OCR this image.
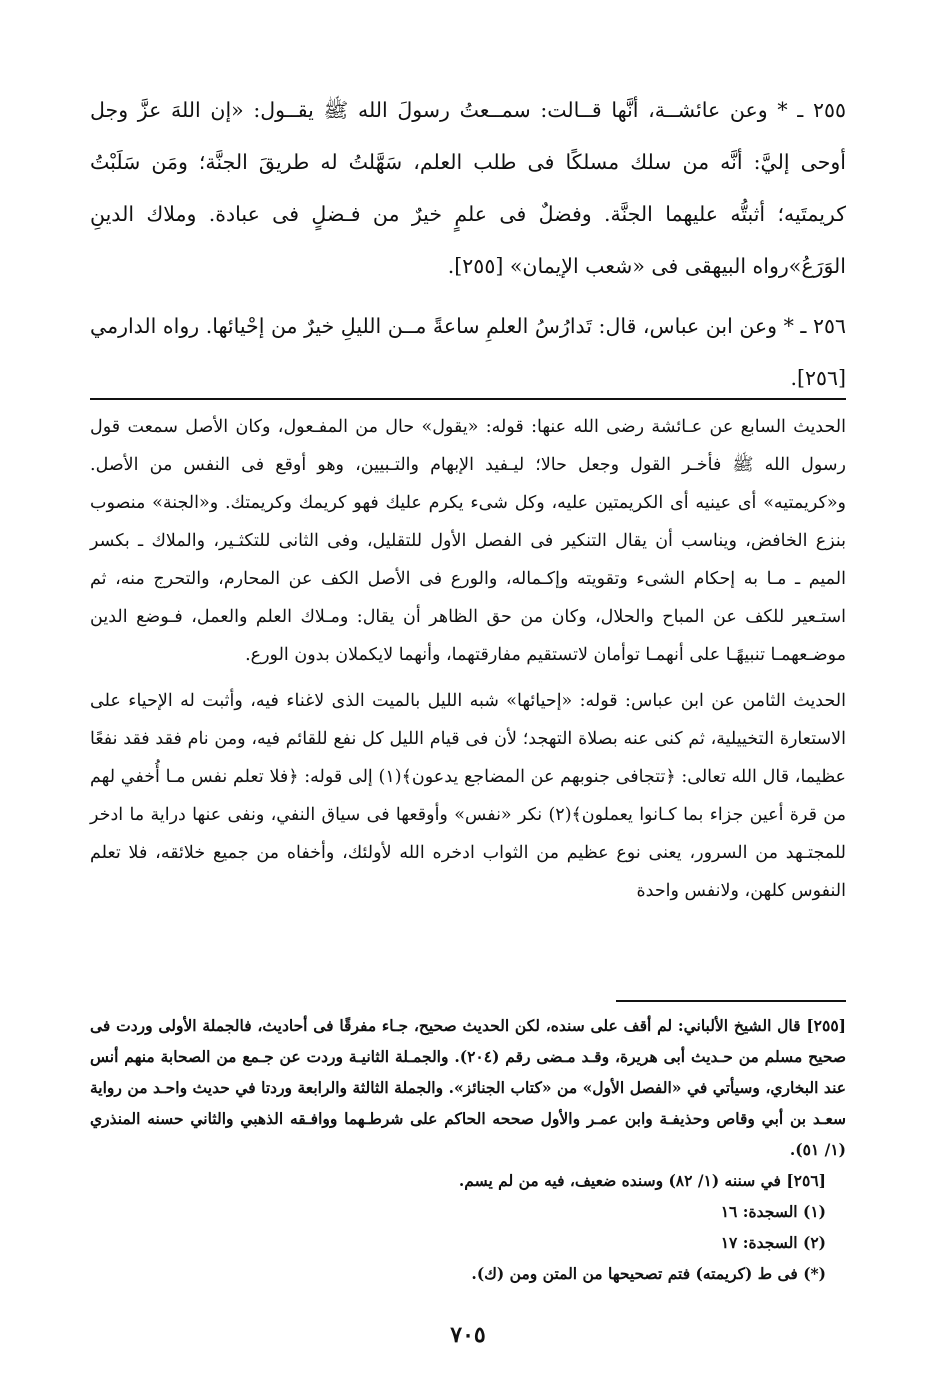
٢٥٥ ـ * وعن عائشــة، أنَّها قــالت: سمــعتُ رسولَ الله ﷺ يقــول: «إن اللهَ عزَّ وجل أوحى إليَّ: أنَّه من سلك مسلكًا فى طلب العلم، سَهَّلتُ له طريقَ الجنَّة؛ ومَن سَلَبْتُ كريمتَيه؛ أثبتُّه عليهما الجنَّة. وفضلٌ فى علمٍ خيرٌ من فـضلٍ فى عبادة. وملاك الدينِ الوَرَعُ»رواه البيهقى فى «شعب الإيمان» [٢٥٥].

٢٥٦ ـ * وعن ابن عباس، قال: تَدارُسُ العلمِ ساعةً مــن الليلِ خيرٌ من إحْيائها. رواه الدارمي [٢٥٦].

الحديث السابع عن عـائشة رضى الله عنها: قوله: «يقول» حال من المفـعول، وكان الأصل سمعت قول رسول الله ﷺ فأخـر القول وجعل حالا؛ ليـفيد الإبهام والتـبيين، وهو أوقع فى النفس من الأصل. و«كريمتيه» أى عينيه أى الكريمتين عليه، وكل شىء يكرم عليك فهو كريمك وكريمتك. و«الجنة» منصوب بنزع الخافض، ويناسب أن يقال التنكير فى الفصل الأول للتقليل، وفى الثانى للتكثـير، والملاك ـ بكسر الميم ـ مـا به إحكام الشىء وتقويته وإكـماله، والورع فى الأصل الكف عن المحارم، والتحرج منه، ثم استـعير للكف عن المباح والحلال، وكان من حق الظاهر أن يقال: ومـلاك العلم والعمل، فـوضع الدين موضـعهمـا تنبيهًـا على أنهمـا توأمان لاتستقيم مفارقتهما، وأنهما لايكملان بدون الورع.

الحديث الثامن عن ابن عباس: قوله: «إحيائها» شبه الليل بالميت الذى لاغناء فيه، وأثبت له الإحياء على الاستعارة التخييلية، ثم كنى عنه بصلاة التهجد؛ لأن فى قيام الليل كل نفع للقائم فيه، ومن نام فقد فقد نفعًا عظيما، قال الله تعالى: ﴿تتجافى جنوبهم عن المضاجع يدعون﴾(١) إلى قوله: ﴿فلا تعلم نفس مـا أُخفي لهم من قرة أعين جزاء بما كـانوا يعملون﴾(٢) نكر «نفس» وأوقعها فى سياق النفي، ونفى عنها دراية ما ادخر للمجتـهد من السرور، يعنى نوع عظيم من الثواب ادخره الله لأولئك، وأخفاه من جميع خلائقه، فلا تعلم النفوس كلهن، ولانفس واحدة

[٢٥٥] قال الشيخ الألباني: لم أقف على سنده، لكن الحديث صحيح، جـاء مفرقًا فى أحاديث، فالجملة الأولى وردت فى صحيح مسلم من حـديث أبى هريرة، وقـد مـضى رقم (٢٠٤). والجمـلة الثانيـة وردت عن جـمع من الصحابة منهم أنس عند البخاري، وسيأتي في «الفصل الأول» من «كتاب الجنائز». والجملة الثالثة والرابعة وردتا في حديث واحـد من رواية سعـد بن أبي وقاص وحذيفـة وابن عمـر والأول صححه الحاكم على شرطـهما ووافـقه الذهبي والثاني حسنه المنذري (١/ ٥١).

[٢٥٦] في سننه (١/ ٨٢) وسنده ضعيف، فيه من لم يسم.

(١) السجدة: ١٦

(٢) السجدة: ١٧

(*) فى ط (كريمته) فتم تصحيحها من المتن ومن (ك).

٧٠٥
